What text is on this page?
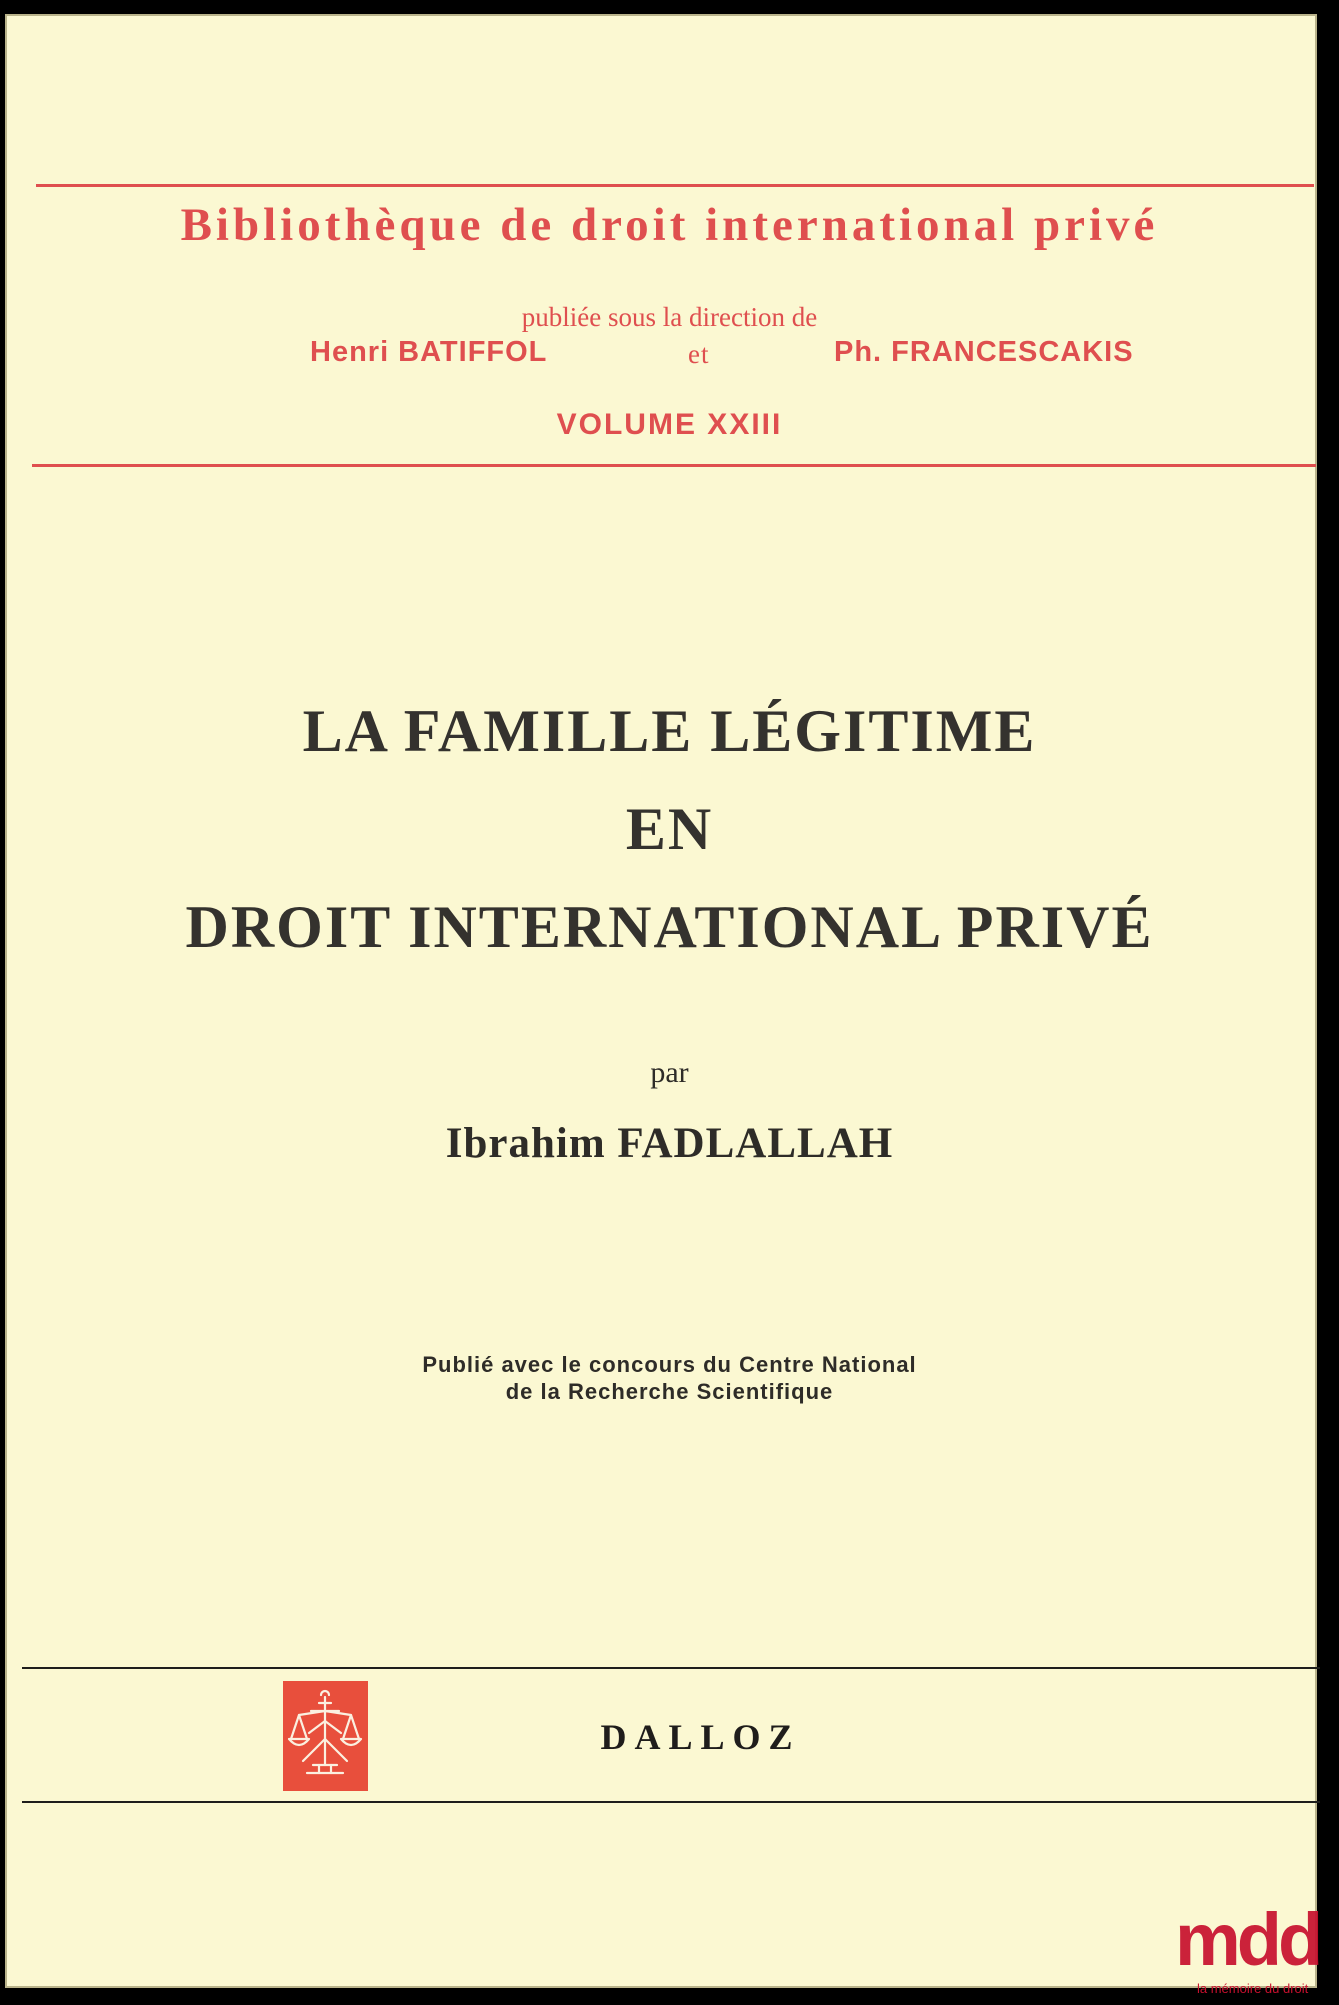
Bibliothèque de droit international privé
publiée sous la direction de
Henri BATIFFOL	et	Ph. FRANCESCAKIS
VOLUME XXIII
LA FAMILLE LÉGITIME
EN
DROIT INTERNATIONAL PRIVÉ
par
Ibrahim FADLALLAH
Publié avec le concours du Centre National
de la Recherche Scientifique
DALLOZ
mdd
la mémoire du droit
